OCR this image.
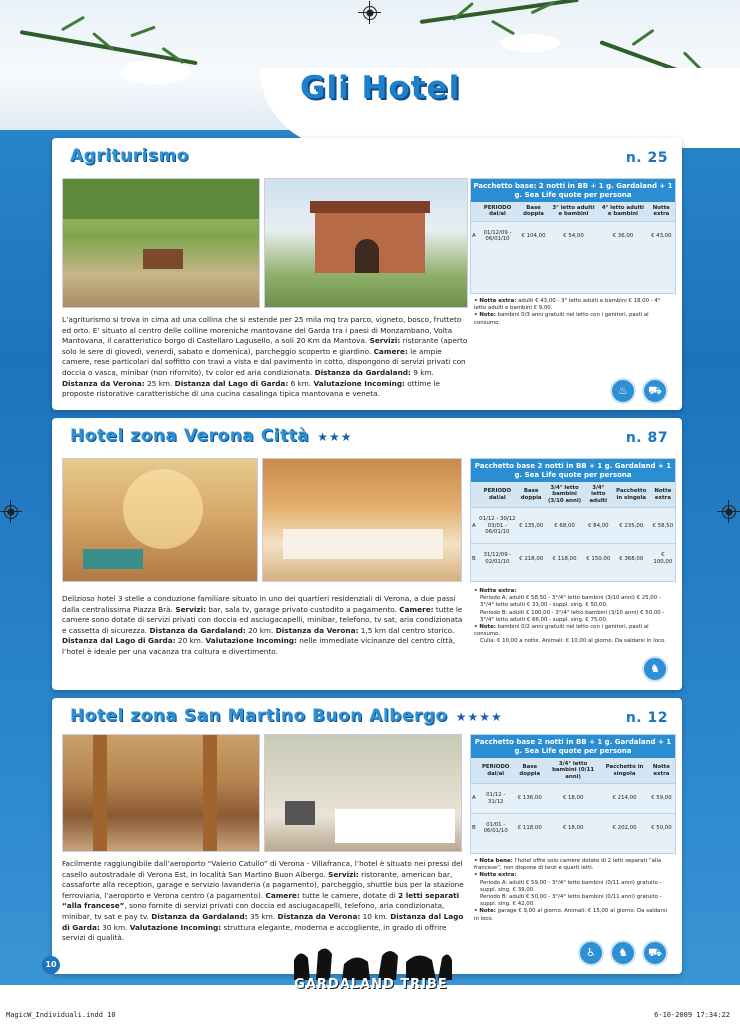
Gli Hotel
Agriturismo	n. 25
L’agriturismo si trova in cima ad una collina che si estende per 25 mila mq tra parco, vigneto, bosco, frutteto ed orto. E’ situato al centro delle colline moreniche mantovane del Garda tra i paesi di Monzambano, Volta Mantovana, il caratteristico borgo di Castellaro Lagusello, a soli 20 Km da Mantova. Servizi: ristorante (aperto solo le sere di giovedì, venerdì, sabato e domenica), parcheggio scoperto e giardino. Camere: le ampie camere, rese particolari dal soffitto con travi a vista e dal pavimento in cotto, dispongono di servizi privati con doccia o vasca, minibar (non rifornito), tv color ed aria condizionata. Distanza da Gardaland: 9 km. Distanza da Verona: 25 km. Distanza dal Lago di Garda: 6 km. Valutazione Incoming: ottime le proposte ristorative caratteristiche di una cucina casalinga tipica mantovana e veneta.
Pacchetto base: 2 notti in BB + 1 g. Gardaland + 1 g. Sea Life quote per persona
	PERIODO dal/al	Base doppia	3° letto adulti e bambini	4° letto adulti e bambini	Notte extra
A	01/12/09 - 06/01/10	€ 104,00	€ 54,00	€ 36,00	€ 43,00
• Notte extra: adulti € 43,00 - 3° letto adulti e bambini € 18,00 - 4° letto adulti e bambini € 9,00.
• Note: bambini 0/3 anni gratuiti nel letto con i genitori, pasti al consumo.
♨	⛟
Hotel zona Verona Città ★★★	n. 87
Delizioso hotel 3 stelle a conduzione familiare situato in uno dei quartieri residenziali di Verona, a due passi dalla centralissima Piazza Brà. Servizi: bar, sala tv, garage privato custodito a pagamento. Camere: tutte le camere sono dotate di servizi privati con doccia ed asciugacapelli, minibar, telefono, tv sat, aria condizionata e cassetta di sicurezza. Distanza da Gardaland: 20 km. Distanza da Verona: 1,5 km dal centro storico. Distanza dal Lago di Garda: 20 km. Valutazione Incoming: nelle immediate vicinanze del centro città, l’hotel è ideale per una vacanza tra cultura e divertimento.
Pacchetto base 2 notti in BB + 1 g. Gardaland + 1 g. Sea Life quote per persona
	PERIODO dal/al	Base doppia	3/4° letto bambini (3/10 anni)	3/4° letto adulti	Pacchetto in singola	Notte extra
A	01/12 - 30/12 03/01 - 06/01/10	€ 135,00	€ 68,00	€ 84,00	€ 235,00	€ 58,50
B	31/12/09 - 02/01/10	€ 218,00	€ 118,00	€ 150,00	€ 368,00	€ 100,00
• Notte extra:
Periodo A: adulti € 58,50 - 3°/4° letto bambini (3/10 anni) € 25,00 - 3°/4° letto adulti € 33,00 - suppl. sing. € 50,00.
Periodo B: adulti € 100,00 - 3°/4° letto bambini (3/10 anni) € 50,00 - 3°/4° letto adulti € 66,00 - suppl. sing. € 75,00.
• Note: bambini 0/2 anni gratuiti nel letto con i genitori, pasti al consumo.
Culla: € 10,00 a notte. Animali: € 10,00 al giorno. Da saldarsi in loco.
♞
Hotel zona San Martino Buon Albergo ★★★★	n. 12
Facilmente raggiungibile dall’aeroporto “Valerio Catullo” di Verona - Villafranca, l’hotel è situato nei pressi del casello autostradale di Verona Est, in località San Martino Buon Albergo. Servizi: ristorante, american bar, cassaforte alla reception, garage e servizio lavanderia (a pagamento), parcheggio, shuttle bus per la stazione ferroviaria, l’aeroporto e Verona centro (a pagamento). Camere: tutte le camere, dotate di 2 letti separati “alla francese”, sono fornite di servizi privati con doccia ed asciugacapelli, telefono, aria condizionata, minibar, tv sat e pay tv. Distanza da Gardaland: 35 km. Distanza da Verona: 10 km. Distanza dal Lago di Garda: 30 km. Valutazione Incoming: struttura elegante, moderna e accogliente, in grado di offrire servizi di qualità.
Pacchetto base 2 notti in BB + 1 g. Gardaland + 1 g. Sea Life quote per persona
	PERIODO dal/al	Base doppia	3/4° letto bambini (0/11 anni)	Pacchetto in singola	Notte extra
A	01/12 - 31/12	€ 136,00	€ 18,00	€ 214,00	€ 59,00
B	01/01 - 06/01/10	€ 118,00	€ 18,00	€ 202,00	€ 50,00
• Nota bene: l’hotel offre solo camere dotate di 2 letti separati “alla francese”, non dispone di terzi e quarti letti.
• Notte extra:
Periodo A: adulti € 59,00 - 3°/4° letto bambini (0/11 anni) gratuito - suppl. sing. € 39,00.
Periodo B: adulti € 50,00 - 3°/4° letto bambini (0/11 anni) gratuito - suppl. sing. € 42,00.
• Note: garage € 9,00 al giorno. Animali: € 15,00 al giorno. Da saldarsi in loco.
♿	♞	⛟
10
GARDALAND TRIBE
MagicW_Individuali.indd 10	6-10-2009 17:34:22
